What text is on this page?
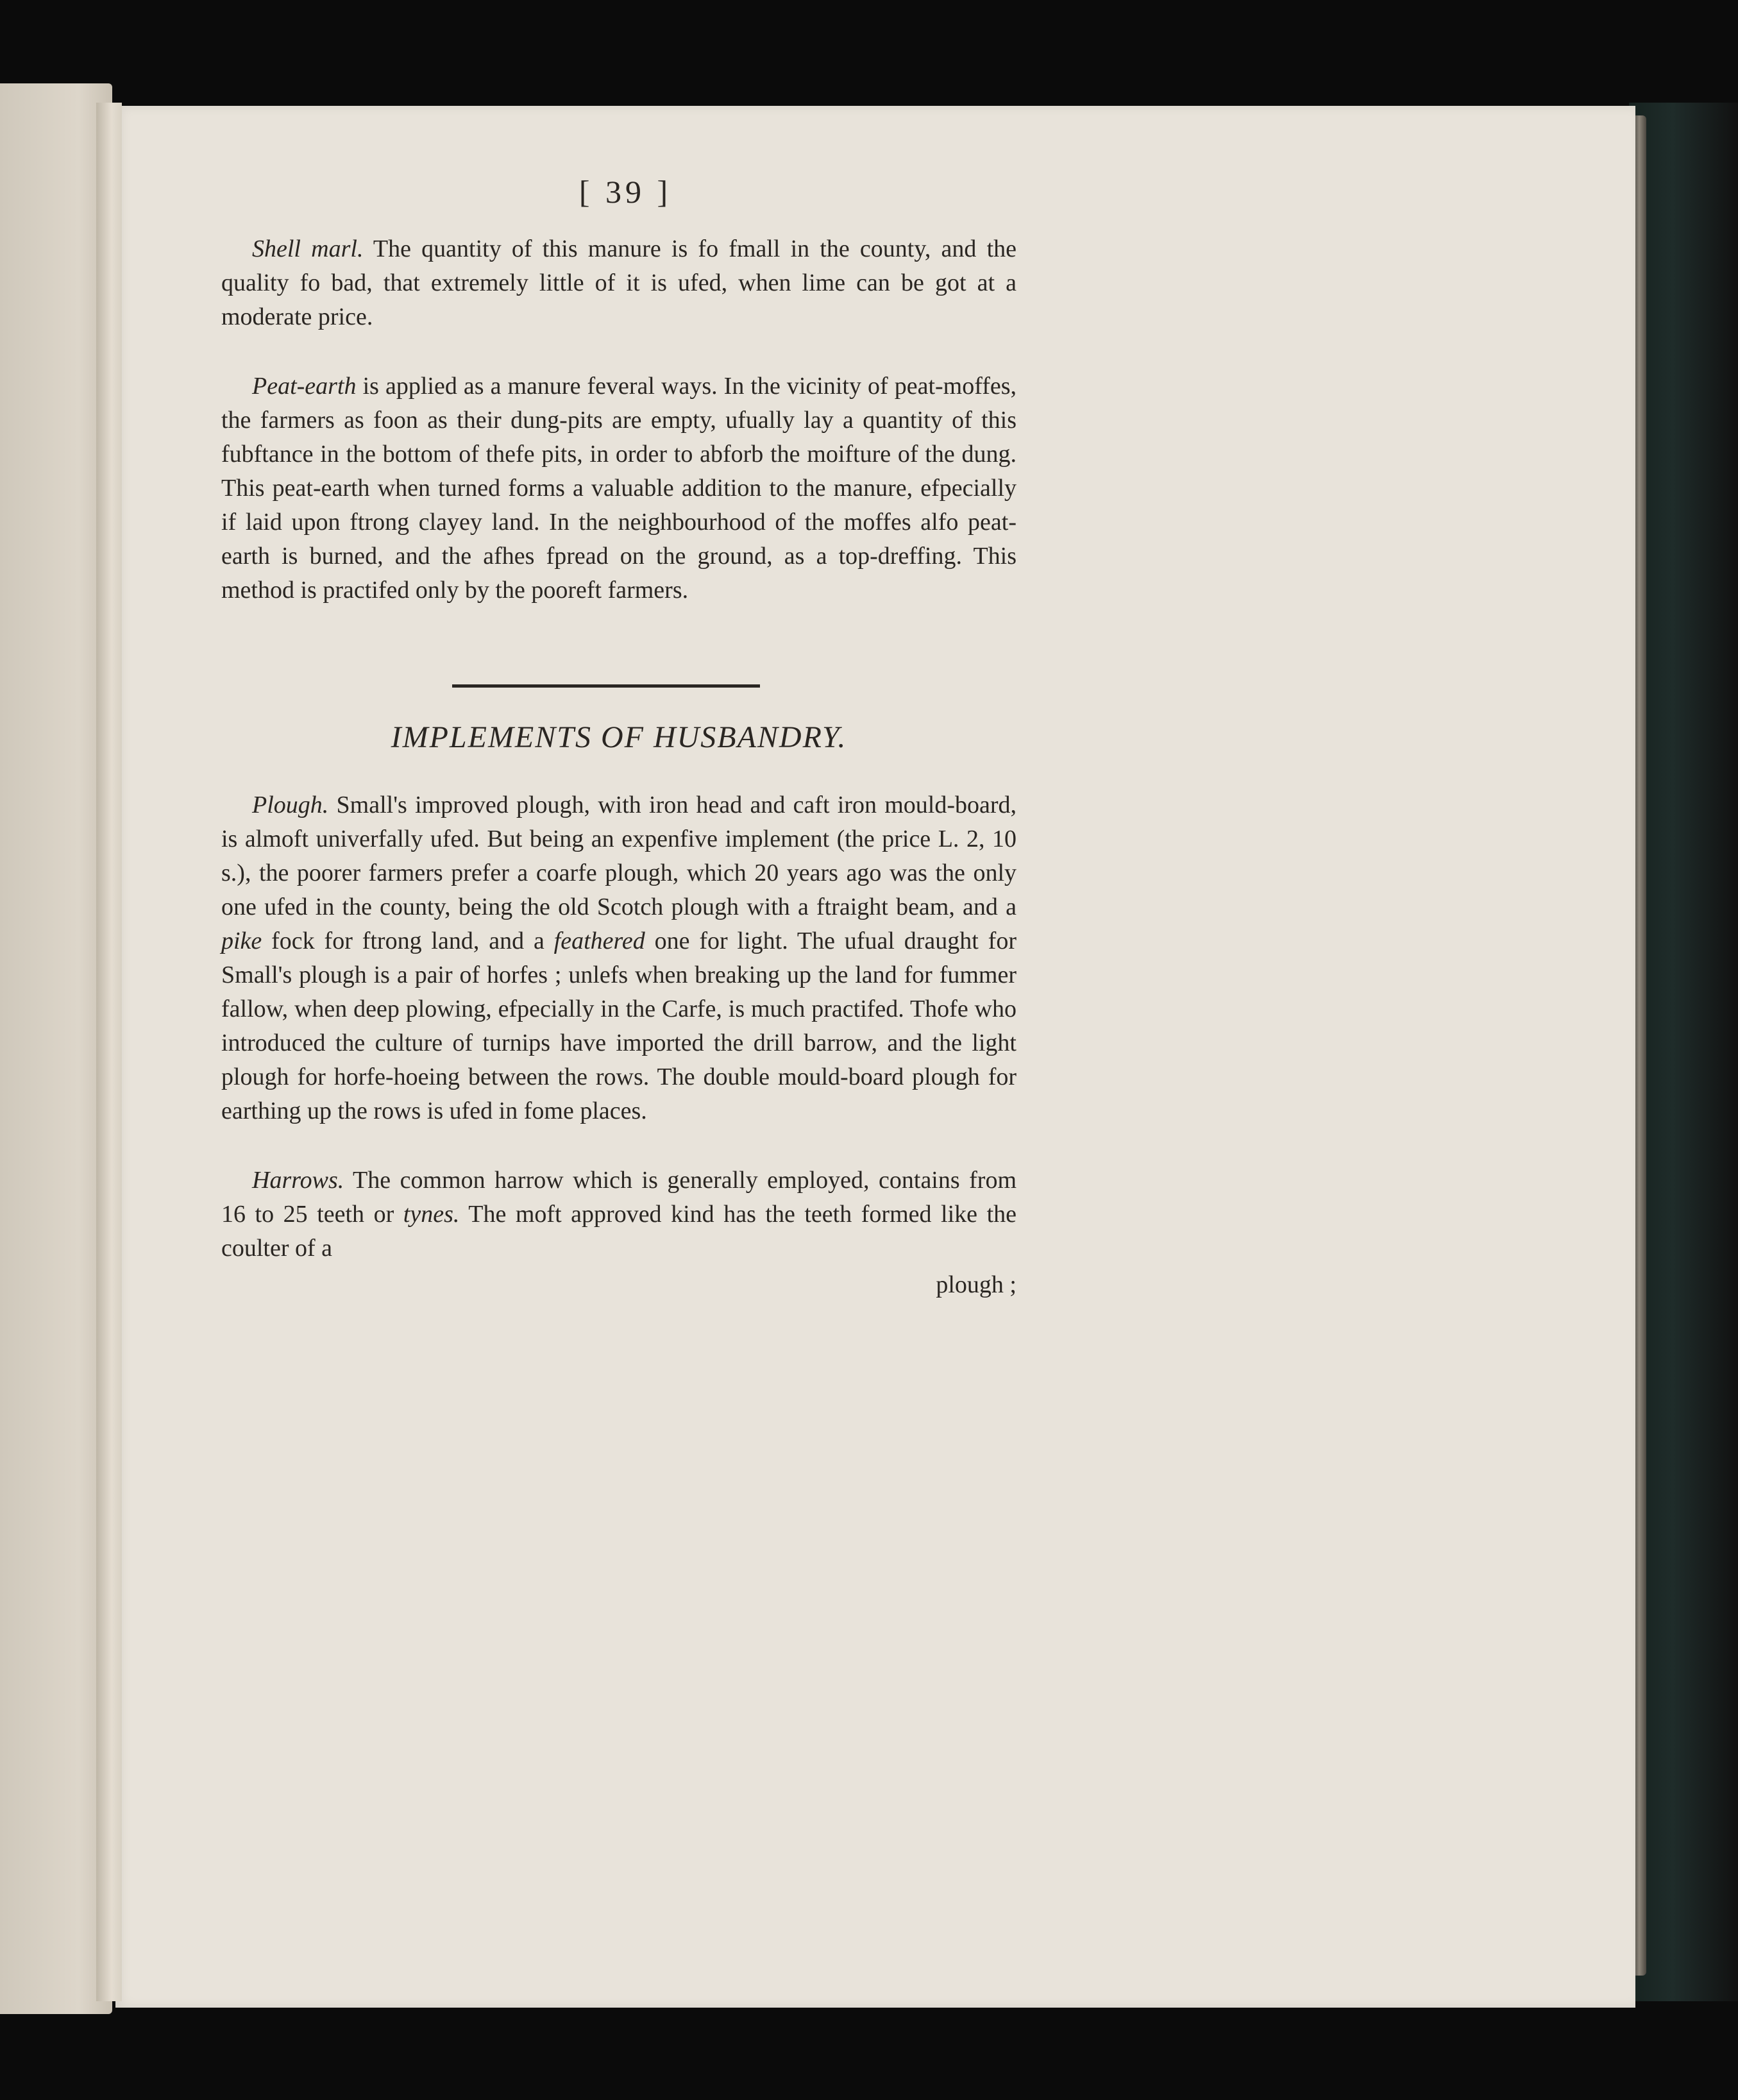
[ 39 ]

Shell marl. The quantity of this manure is fo fmall in the county, and the quality fo bad, that extremely little of it is ufed, when lime can be got at a moderate price.

Peat-earth is applied as a manure feveral ways. In the vicinity of peat-moffes, the farmers as foon as their dung-pits are empty, ufually lay a quantity of this fubftance in the bottom of thefe pits, in order to abforb the moifture of the dung. This peat-earth when turned forms a valuable addition to the manure, efpecially if laid upon ftrong clayey land. In the neighbourhood of the moffes alfo peat-earth is burned, and the afhes fpread on the ground, as a top-dreffing. This method is practifed only by the pooreft farmers.

IMPLEMENTS OF HUSBANDRY.

Plough. Small's improved plough, with iron head and caft iron mould-board, is almoft univerfally ufed. But being an expenfive implement (the price L. 2, 10 s.), the poorer farmers prefer a coarfe plough, which 20 years ago was the only one ufed in the county, being the old Scotch plough with a ftraight beam, and a pike fock for ftrong land, and a feathered one for light. The ufual draught for Small's plough is a pair of horfes ; unlefs when breaking up the land for fummer fallow, when deep plowing, efpecially in the Carfe, is much practifed. Thofe who introduced the culture of turnips have imported the drill barrow, and the light plough for horfe-hoeing between the rows. The double mould-board plough for earthing up the rows is ufed in fome places.

Harrows. The common harrow which is generally employed, contains from 16 to 25 teeth or tynes. The moft approved kind has the teeth formed like the coulter of a

plough ;
